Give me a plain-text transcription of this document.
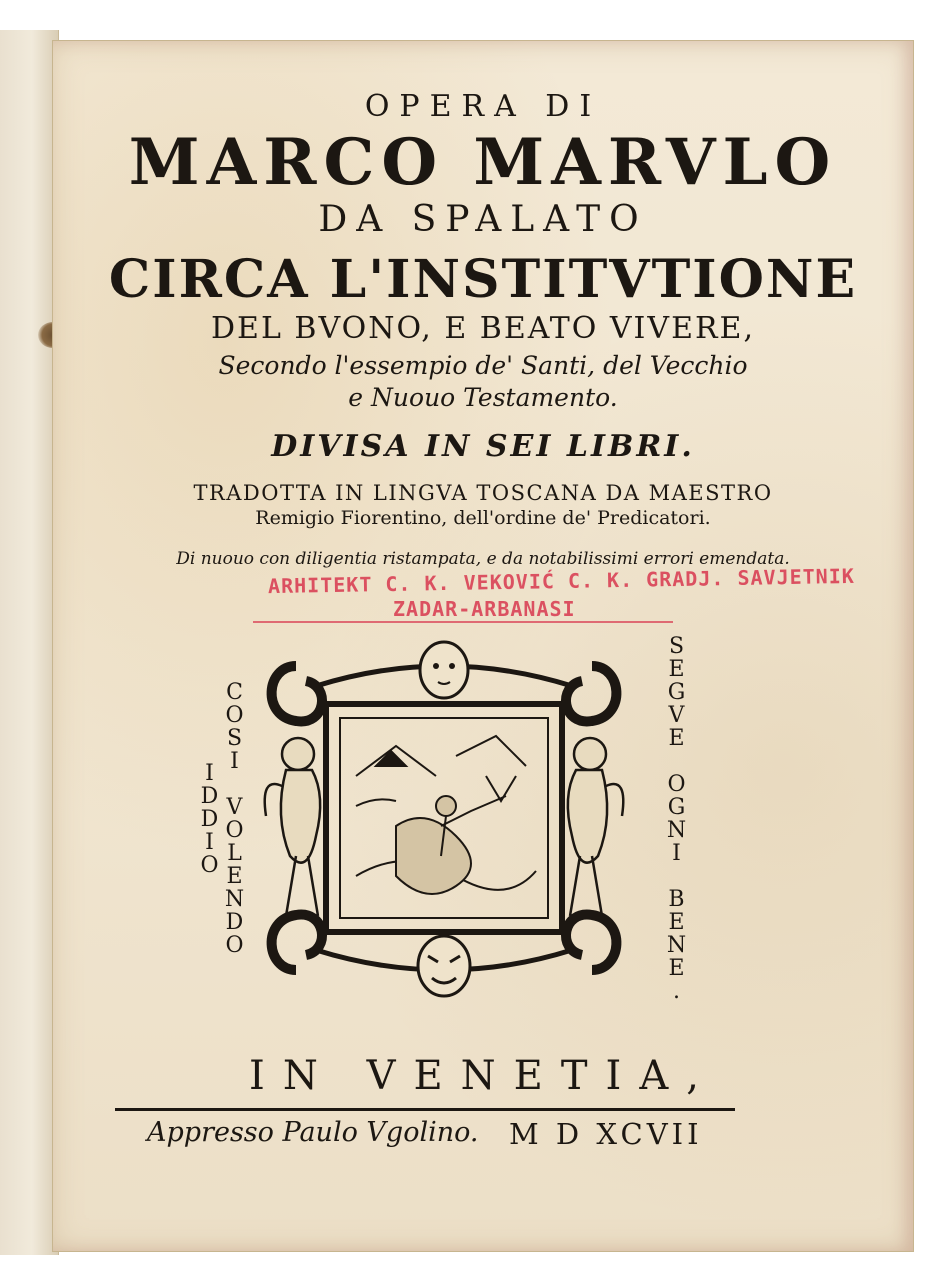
OPERA DI
MARCO MARVLO
DA SPALATO
CIRCA L'INSTITVTIONE
DEL BVONO, E BEATO VIVERE,
Secondo l'essempio de' Santi, del Vecchio
e Nuouo Testamento.
DIVISA IN SEI LIBRI.
TRADOTTA IN LINGVA TOSCANA DA MAESTRO
Remigio Fiorentino, dell'ordine de' Predicatori.
Di nuouo con diligentia ristampata, e da notabilissimi errori emendata.
ARHITEKT C. K. VEKOVIĆ C. K. GRADJ. SAVJETNIK
ZADAR-ARBANASI
COSI VOLENDO IDDIO	SEGVE OGNI BENE.
IN VENETIA,
Appresso Paulo Vgolino. M D XCVII
